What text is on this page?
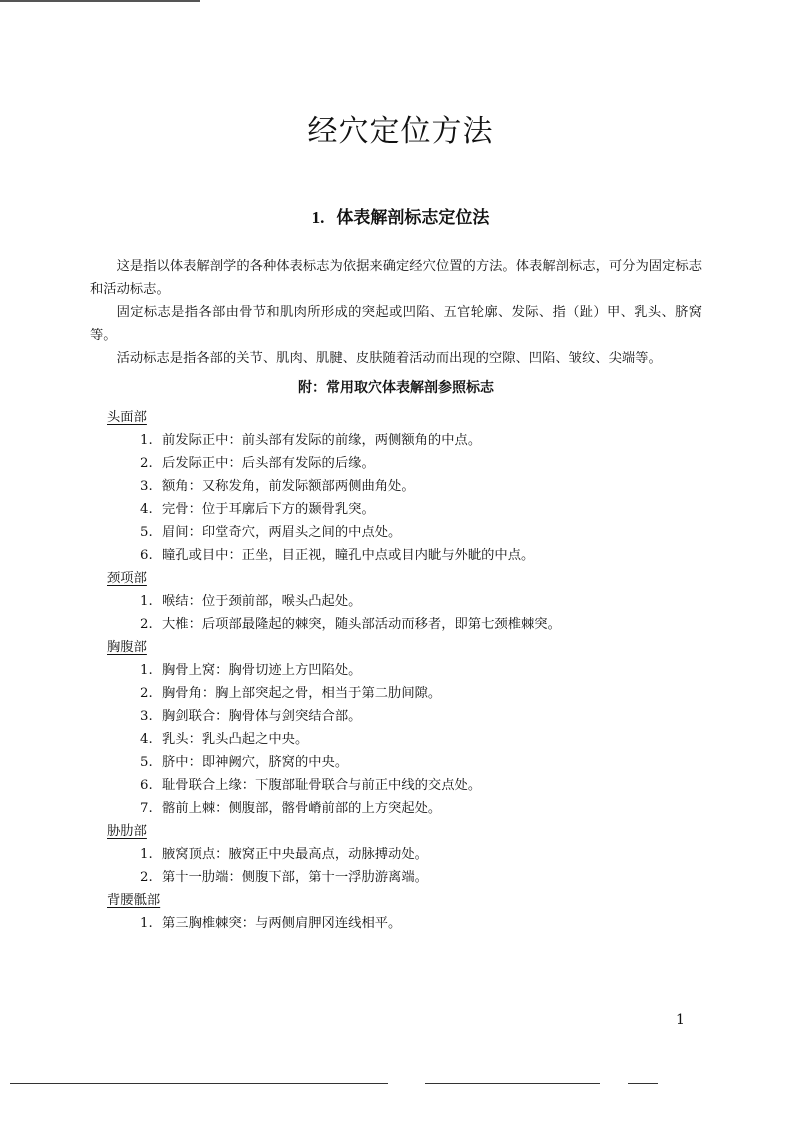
经穴定位方法
1. 体表解剖标志定位法

这是指以体表解剖学的各种体表标志为依据来确定经穴位置的方法。体表解剖标志，可分为固定标志和活动标志。

固定标志是指各部由骨节和肌肉所形成的突起或凹陷、五官轮廓、发际、指（趾）甲、乳头、脐窝等。

活动标志是指各部的关节、肌肉、肌腱、皮肤随着活动而出现的空隙、凹陷、皱纹、尖端等。

附：常用取穴体表解剖参照标志
头面部
1. 前发际正中：前头部有发际的前缘，两侧额角的中点。
2. 后发际正中：后头部有发际的后缘。
3. 额角：又称发角，前发际额部两侧曲角处。
4. 完骨：位于耳廓后下方的颞骨乳突。
5. 眉间：印堂奇穴，两眉头之间的中点处。
6. 瞳孔或目中：正坐，目正视，瞳孔中点或目内眦与外眦的中点。
颈项部
1. 喉结：位于颈前部，喉头凸起处。
2. 大椎：后项部最隆起的棘突，随头部活动而移者，即第七颈椎棘突。
胸腹部
1. 胸骨上窝：胸骨切迹上方凹陷处。
2. 胸骨角：胸上部突起之骨，相当于第二肋间隙。
3. 胸剑联合：胸骨体与剑突结合部。
4. 乳头：乳头凸起之中央。
5. 脐中：即神阙穴，脐窝的中央。
6. 耻骨联合上缘：下腹部耻骨联合与前正中线的交点处。
7. 髂前上棘：侧腹部，髂骨嵴前部的上方突起处。
胁肋部
1. 腋窝顶点：腋窝正中央最高点，动脉搏动处。
2. 第十一肋端：侧腹下部，第十一浮肋游离端。
背腰骶部
1. 第三胸椎棘突：与两侧肩胛冈连线相平。
1
